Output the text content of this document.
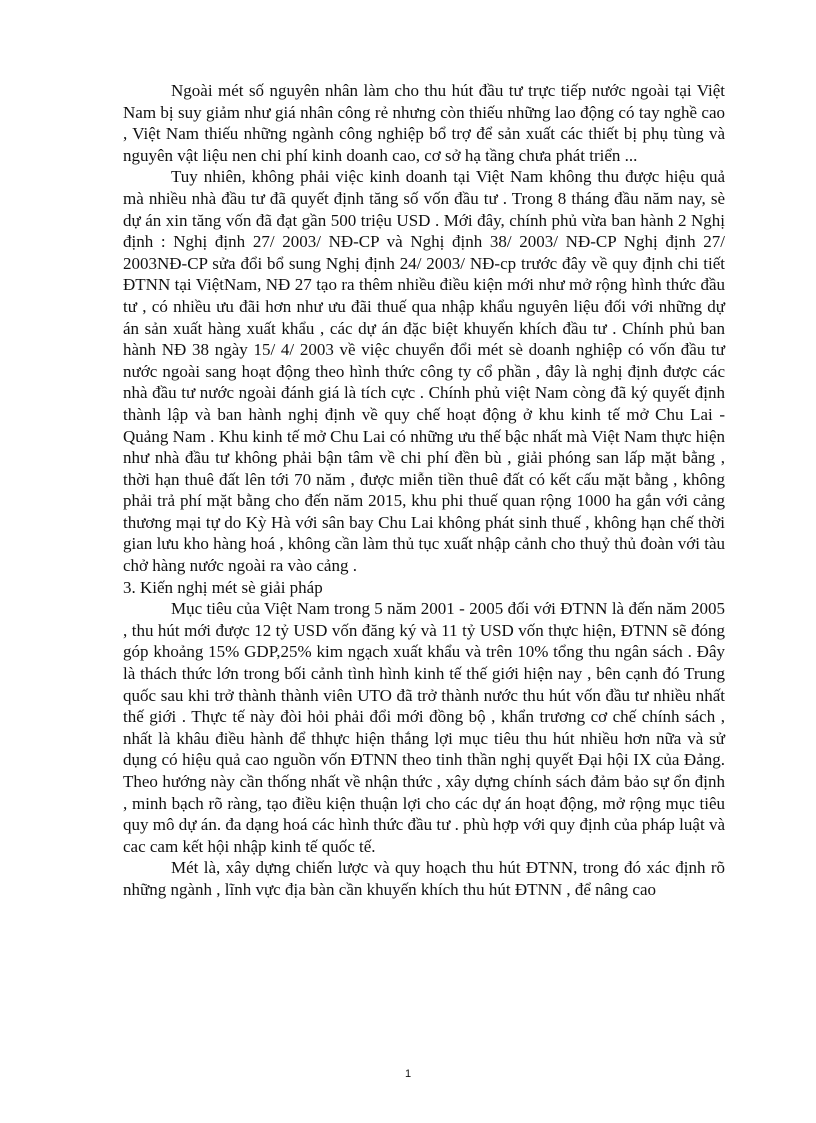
Ngoài mét số nguyên nhân làm cho thu hút đầu tư trực tiếp nước ngoài tại Việt Nam bị suy giảm như giá nhân công rẻ nhưng còn thiếu những lao động có tay nghề cao , Việt Nam thiếu những ngành công nghiệp bổ trợ để sản xuất các thiết bị phụ tùng và nguyên vật liệu nen chi phí kinh doanh cao, cơ sở hạ tầng chưa phát triển ...

Tuy nhiên, không phải việc kinh doanh tại Việt Nam không thu được hiệu quả mà nhiều nhà đầu tư đã quyết định tăng số vốn đầu tư . Trong 8 tháng đầu năm nay, sè dự án xin tăng vốn đã đạt gần 500 triệu USD . Mới đây, chính phủ vừa ban hành 2 Nghị định : Nghị định 27/ 2003/ NĐ-CP và Nghị định 38/ 2003/ NĐ-CP Nghị định 27/ 2003NĐ-CP sửa đổi bổ sung Nghị định 24/ 2003/ NĐ-cp trước đây về quy định chi tiết ĐTNN tại ViệtNam, NĐ 27 tạo ra thêm nhiều điều kiện mới như mở rộng hình thức đầu tư , có nhiều ưu đãi hơn như ưu đãi thuế qua nhập khẩu nguyên liệu đối với những dự án sản xuất hàng xuất khẩu , các dự án đặc biệt khuyến khích đầu tư . Chính phủ ban hành NĐ 38 ngày 15/ 4/ 2003 về việc chuyển đổi mét sè doanh nghiệp có vốn đầu tư nước ngoài sang hoạt động theo hình thức công ty cổ phần , đây là nghị định được các nhà đầu tư nước ngoài đánh giá là tích cực . Chính phủ việt Nam còng đã ký quyết định thành lập và ban hành nghị định về quy chế hoạt động ở khu kinh tế mở Chu Lai - Quảng Nam . Khu kinh tế mở Chu Lai có những ưu thế bậc nhất mà Việt Nam thực hiện như nhà đầu tư không phải bận tâm về chi phí đền bù , giải phóng san lấp mặt bằng , thời hạn thuê đất lên tới 70 năm , được miễn tiền thuê đất có kết cấu mặt bằng , không phải trả phí mặt bằng cho đến năm 2015, khu phi thuế quan rộng 1000 ha gắn với cảng thương mại tự do Kỳ Hà với sân bay Chu Lai không phát sinh thuế , không hạn chế thời gian lưu kho hàng hoá , không cần làm thủ tục xuất nhập cảnh cho thuỷ thủ đoàn với tàu chở hàng nước ngoài ra vào cảng .

3. Kiến nghị mét sè giải pháp

Mục tiêu của Việt Nam trong 5 năm 2001 - 2005 đối với ĐTNN là đến năm 2005 , thu hút mới được 12 tỷ USD vốn đăng ký và 11 tỷ USD vốn thực hiện, ĐTNN sẽ đóng góp khoảng 15% GDP,25% kim ngạch xuất khẩu và trên 10% tổng thu ngân sách . Đây là thách thức lớn trong bối cảnh tình hình kinh tế thế giới hiện nay , bên cạnh đó Trung quốc sau khi trở thành thành viên UTO đã trở thành nước thu hút vốn đầu tư nhiều nhất thế giới . Thực tế này đòi hỏi phải đổi mới đồng bộ , khẩn trương cơ chế chính sách , nhất là khâu điều hành để thhực hiện thắng lợi mục tiêu thu hút nhiều hơn nữa và sử dụng có hiệu quả cao nguồn vốn ĐTNN theo tinh thần nghị quyết Đại hội IX của Đảng. Theo hướng này cần thống nhất về nhận thức , xây dựng chính sách đảm bảo sự ổn định , minh bạch rõ ràng, tạo điều kiện thuận lợi cho các dự án hoạt động, mở rộng mục tiêu quy mô dự án. đa dạng hoá các hình thức đầu tư . phù hợp với quy định của pháp luật và cac cam kết hội nhập kinh tế quốc tế.

Mét là, xây dựng chiến lược và quy hoạch thu hút ĐTNN, trong đó xác định rõ những ngành , lĩnh vực địa bàn cần khuyến khích thu hút ĐTNN , để nâng cao

1
